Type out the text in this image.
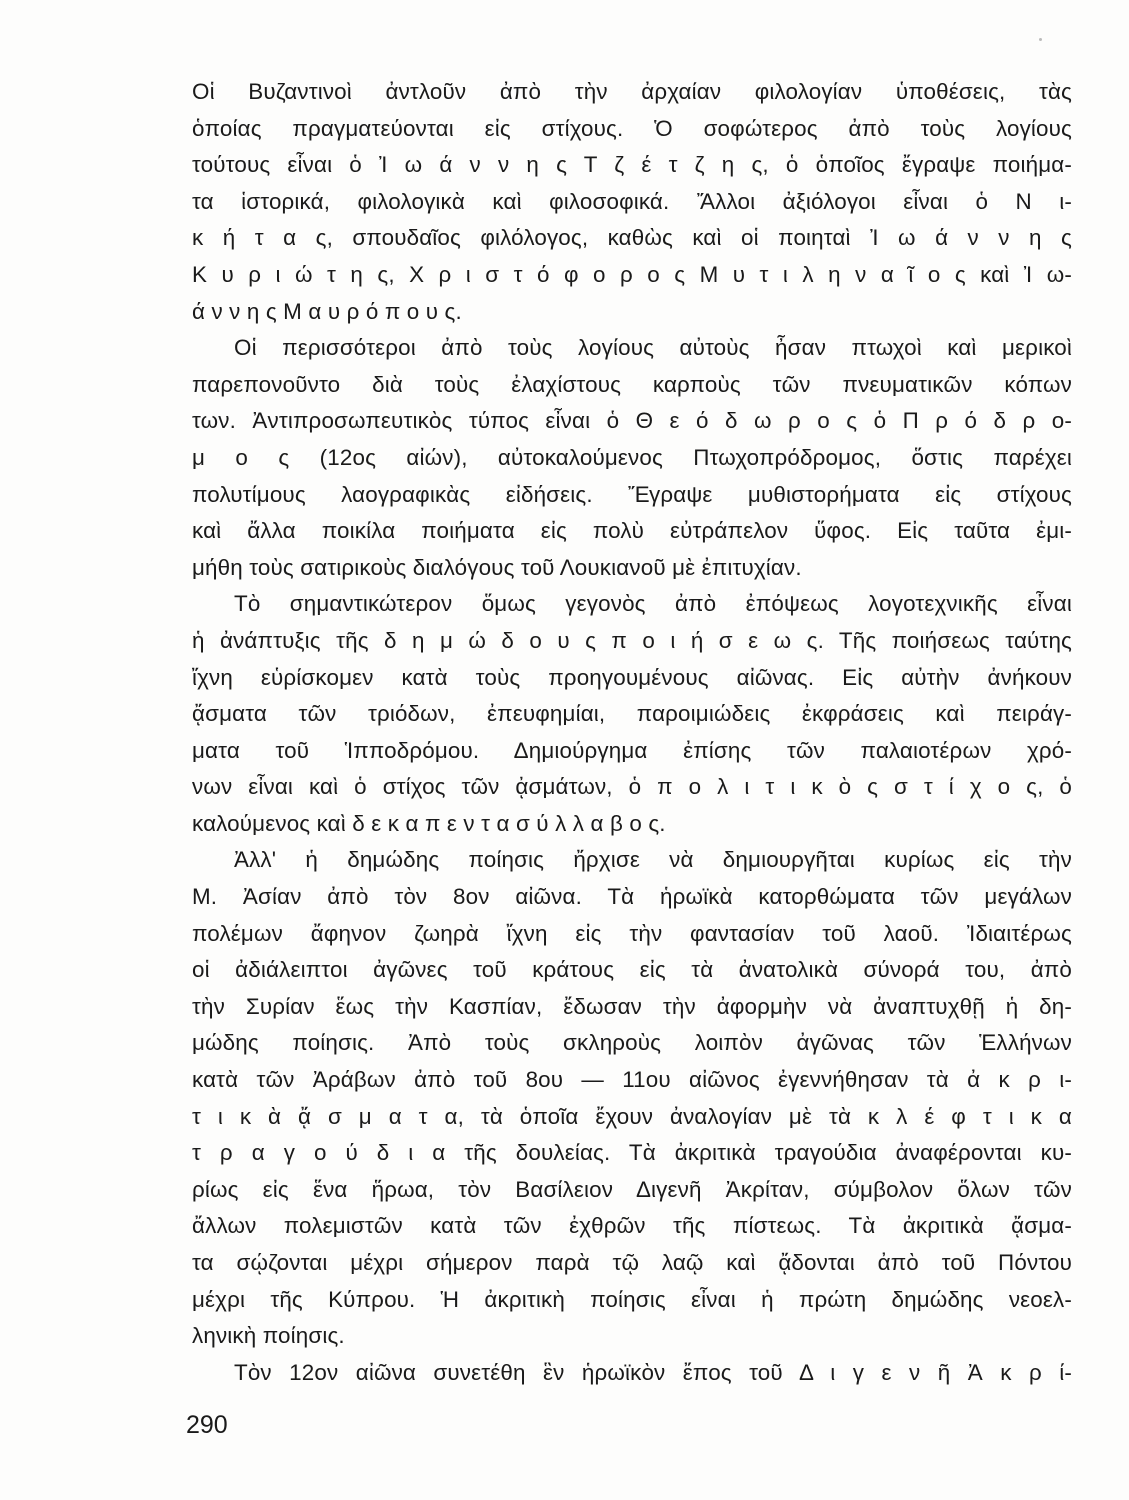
Οἱ Βυζαντινοὶ ἀντλοῦν ἀπὸ τὴν ἀρχαίαν φιλολογίαν ὑποθέσεις, τὰς
ὁποίας πραγματεύονται εἰς στίχους. Ὁ σοφώτερος ἀπὸ τοὺς λογίους
τούτους εἶναι ὁ Ἰ ω ά ν ν η ς Τ ζ έ τ ζ η ς, ὁ ὁποῖος ἔγραψε ποιήμα-
τα ἱστορικά, φιλολογικὰ καὶ φιλοσοφικά. Ἄλλοι ἀξιόλογοι εἶναι ὁ Ν ι-
κ ή τ α ς, σπουδαῖος φιλόλογος, καθὼς καὶ οἱ ποιηταὶ Ἰ ω ά ν ν η ς
Κ υ ρ ι ώ τ η ς, Χ ρ ι σ τ ό φ ο ρ ο ς Μ υ τ ι λ η ν α ῖ ο ς καὶ Ἰ ω-
ά ν ν η ς Μ α υ ρ ό π ο υ ς.
Οἱ περισσότεροι ἀπὸ τοὺς λογίους αὐτοὺς ἦσαν πτωχοὶ καὶ μερικοὶ
παρεπονοῦντο διὰ τοὺς ἐλαχίστους καρποὺς τῶν πνευματικῶν κόπων
των. Ἀντιπροσωπευτικὸς τύπος εἶναι ὁ Θ ε ό δ ω ρ ο ς ὁ Π ρ ό δ ρ ο-
μ ο ς (12ος αἰών), αὐτοκαλούμενος Πτωχοπρόδρομος, ὅστις παρέχει
πολυτίμους λαογραφικὰς εἰδήσεις. Ἔγραψε μυθιστορήματα εἰς στίχους
καὶ ἄλλα ποικίλα ποιήματα εἰς πολὺ εὐτράπελον ὕφος. Εἰς ταῦτα ἐμι-
μήθη τοὺς σατιρικοὺς διαλόγους τοῦ Λουκιανοῦ μὲ ἐπιτυχίαν.
Τὸ σημαντικώτερον ὅμως γεγονὸς ἀπὸ ἐπόψεως λογοτεχνικῆς εἶναι
ἡ ἀνάπτυξις τῆς δ η μ ώ δ ο υ ς π ο ι ή σ ε ω ς. Τῆς ποιήσεως ταύτης
ἴχνη εὑρίσκομεν κατὰ τοὺς προηγουμένους αἰῶνας. Εἰς αὐτὴν ἀνήκουν
ᾄσματα τῶν τριόδων, ἐπευφημίαι, παροιμιώδεις ἐκφράσεις καὶ πειράγ-
ματα τοῦ Ἱπποδρόμου. Δημιούργημα ἐπίσης τῶν παλαιοτέρων χρό-
νων εἶναι καὶ ὁ στίχος τῶν ᾀσμάτων, ὁ π ο λ ι τ ι κ ὸ ς σ τ ί χ ο ς, ὁ
καλούμενος καὶ δ ε κ α π ε ν τ α σ ύ λ λ α β ο ς.
Ἀλλ' ἡ δημώδης ποίησις ἤρχισε νὰ δημιουργῆται κυρίως εἰς τὴν
Μ. Ἀσίαν ἀπὸ τὸν 8ον αἰῶνα. Τὰ ἡρωϊκὰ κατορθώματα τῶν μεγάλων
πολέμων ἄφηνον ζωηρὰ ἴχνη εἰς τὴν φαντασίαν τοῦ λαοῦ. Ἰδιαιτέρως
οἱ ἀδιάλειπτοι ἀγῶνες τοῦ κράτους εἰς τὰ ἀνατολικὰ σύνορά του, ἀπὸ
τὴν Συρίαν ἕως τὴν Κασπίαν, ἔδωσαν τὴν ἀφορμὴν νὰ ἀναπτυχθῇ ἡ δη-
μώδης ποίησις. Ἀπὸ τοὺς σκληροὺς λοιπὸν ἀγῶνας τῶν Ἑλλήνων
κατὰ τῶν Ἀράβων ἀπὸ τοῦ 8ου — 11ου αἰῶνος ἐγεννήθησαν τὰ ἀ κ ρ ι-
τ ι κ ὰ ᾄ σ μ α τ α, τὰ ὁποῖα ἔχουν ἀναλογίαν μὲ τὰ κ λ έ φ τ ι κ α
τ ρ α γ ο ύ δ ι α τῆς δουλείας. Τὰ ἀκριτικὰ τραγούδια ἀναφέρονται κυ-
ρίως εἰς ἕνα ἥρωα, τὸν Βασίλειον Διγενῆ Ἀκρίταν, σύμβολον ὅλων τῶν
ἄλλων πολεμιστῶν κατὰ τῶν ἐχθρῶν τῆς πίστεως. Τὰ ἀκριτικὰ ᾄσμα-
τα σῴζονται μέχρι σήμερον παρὰ τῷ λαῷ καὶ ᾄδονται ἀπὸ τοῦ Πόντου
μέχρι τῆς Κύπρου. Ἡ ἀκριτικὴ ποίησις εἶναι ἡ πρώτη δημώδης νεοελ-
ληνικὴ ποίησις.
Τὸν 12ον αἰῶνα συνετέθη ἓν ἡρωϊκὸν ἔπος τοῦ Δ ι γ ε ν ῆ Ἀ κ ρ ί-
290
